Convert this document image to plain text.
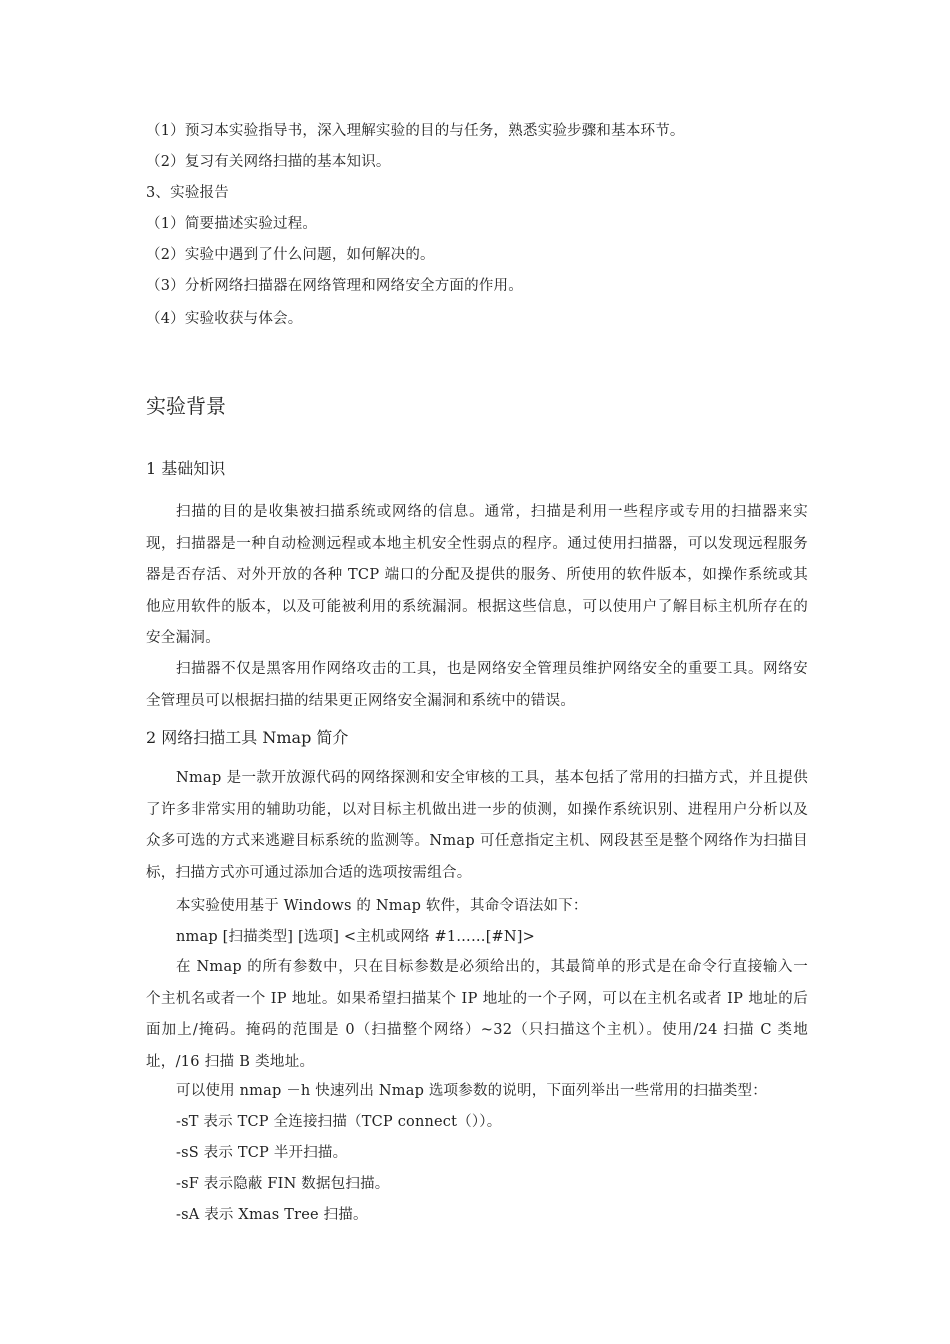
（1）预习本实验指导书，深入理解实验的目的与任务，熟悉实验步骤和基本环节。
（2）复习有关网络扫描的基本知识。
3、实验报告
（1）简要描述实验过程。
（2）实验中遇到了什么问题，如何解决的。
（3）分析网络扫描器在网络管理和网络安全方面的作用。
（4）实验收获与体会。
实验背景
1 基础知识

扫描的目的是收集被扫描系统或网络的信息。通常，扫描是利用一些程序或专用的扫描器来实现，扫描器是一种自动检测远程或本地主机安全性弱点的程序。通过使用扫描器，可以发现远程服务器是否存活、对外开放的各种 TCP 端口的分配及提供的服务、所使用的软件版本，如操作系统或其他应用软件的版本，以及可能被利用的系统漏洞。根据这些信息，可以使用户了解目标主机所存在的安全漏洞。

扫描器不仅是黑客用作网络攻击的工具，也是网络安全管理员维护网络安全的重要工具。网络安全管理员可以根据扫描的结果更正网络安全漏洞和系统中的错误。

2 网络扫描工具 Nmap 简介

Nmap 是一款开放源代码的网络探测和安全审核的工具，基本包括了常用的扫描方式，并且提供了许多非常实用的辅助功能，以对目标主机做出进一步的侦测，如操作系统识别、进程用户分析以及众多可选的方式来逃避目标系统的监测等。Nmap 可任意指定主机、网段甚至是整个网络作为扫描目标，扫描方式亦可通过添加合适的选项按需组合。

本实验使用基于 Windows 的 Nmap 软件，其命令语法如下：
nmap [扫描类型] [选项] <主机或网络 #1……[#N]>

在 Nmap 的所有参数中，只在目标参数是必须给出的，其最简单的形式是在命令行直接输入一个主机名或者一个 IP 地址。如果希望扫描某个 IP 地址的一个子网，可以在主机名或者 IP 地址的后面加上/掩码。掩码的范围是 0（扫描整个网络）~32（只扫描这个主机）。使用/24 扫描 C 类地址，/16 扫描 B 类地址。

可以使用 nmap －h 快速列出 Nmap 选项参数的说明，下面列举出一些常用的扫描类型：
-sT 表示 TCP 全连接扫描（TCP connect（））。
-sS 表示 TCP 半开扫描。
-sF 表示隐蔽 FIN 数据包扫描。
-sA 表示 Xmas Tree 扫描。
